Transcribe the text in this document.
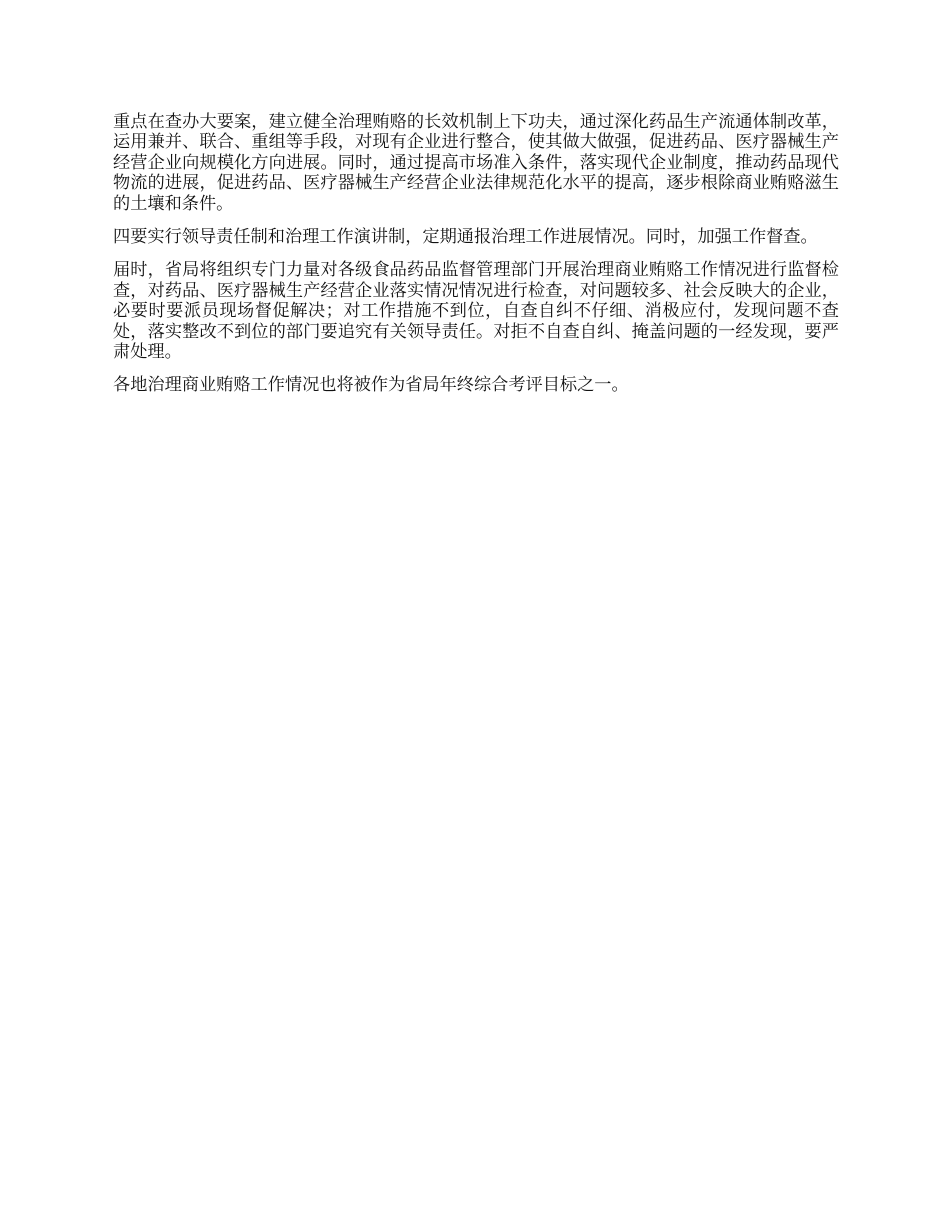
重点在查办大要案，建立健全治理贿赂的长效机制上下功夫，通过深化药品生产流通体制改革，运用兼并、联合、重组等手段，对现有企业进行整合，使其做大做强，促进药品、医疗器械生产经营企业向规模化方向进展。同时，通过提高市场准入条件，落实现代企业制度，推动药品现代物流的进展，促进药品、医疗器械生产经营企业法律规范化水平的提高，逐步根除商业贿赂滋生的土壤和条件。

四要实行领导责任制和治理工作演讲制，定期通报治理工作进展情况。同时，加强工作督查。

届时，省局将组织专门力量对各级食品药品监督管理部门开展治理商业贿赂工作情况进行监督检查，对药品、医疗器械生产经营企业落实情况情况进行检查，对问题较多、社会反映大的企业，必要时要派员现场督促解决；对工作措施不到位，自查自纠不仔细、消极应付，发现问题不查处，落实整改不到位的部门要追究有关领导责任。对拒不自查自纠、掩盖问题的一经发现，要严肃处理。

各地治理商业贿赂工作情况也将被作为省局年终综合考评目标之一。
